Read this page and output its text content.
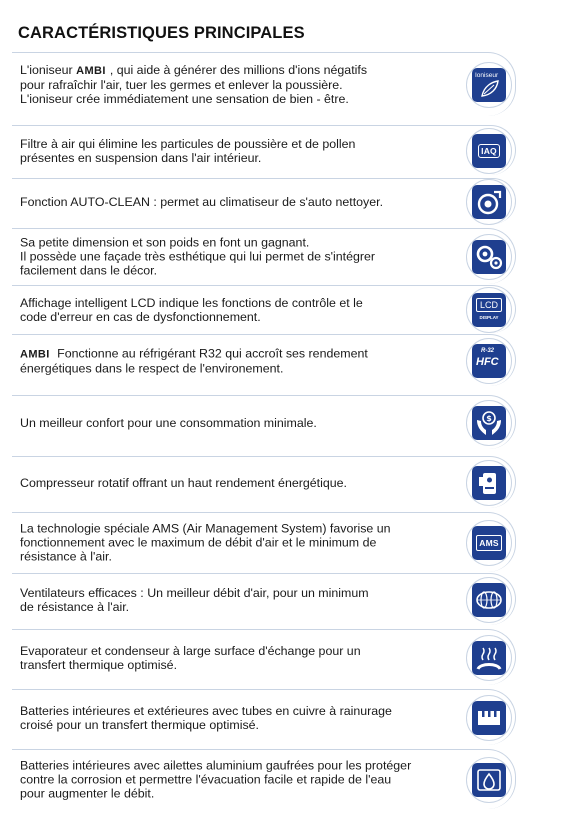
CARACTÉRISTIQUES PRINCIPALES
L'ioniseur AMBI , qui aide à générer des millions d'ions négatifs
pour rafraîchir l'air, tuer les germes et enlever la poussière.
L'ioniseur crée immédiatement une sensation de bien - être.
Ioniseur
Filtre à air qui élimine les particules de poussière et de pollen
présentes en suspension dans l'air intérieur.	IAQ
Fonction AUTO-CLEAN : permet au climatiseur de s'auto nettoyer.
Sa petite dimension et son poids en font un gagnant.
Il possède une façade très esthétique qui lui permet de s'intégrer
facilement dans le décor.
Affichage intelligent LCD indique les fonctions de contrôle et le
code d'erreur en cas de dysfonctionnement.
LCD
DISPLAY
AMBI Fonctionne au réfrigérant R32 qui accroît ses rendement
énergétiques dans le respect de l'environement.
R-32
HFC
Un meilleur confort pour une consommation minimale.	$
Compresseur rotatif offrant un haut rendement énergétique.
La technologie spéciale AMS (Air Management System) favorise un
fonctionnement avec le maximum de débit d'air et le minimum de
résistance à l'air.
AMS
Ventilateurs efficaces : Un meilleur débit d'air, pour un minimum
de résistance à l'air.
Evaporateur et condenseur à large surface d'échange pour un
transfert thermique optimisé.
Batteries intérieures et extérieures avec tubes en cuivre à rainurage
croisé pour un transfert thermique optimisé.
Batteries intérieures avec ailettes aluminium gaufrées pour les protéger
contre la corrosion et permettre l'évacuation facile et rapide de l'eau
pour augmenter le débit.
